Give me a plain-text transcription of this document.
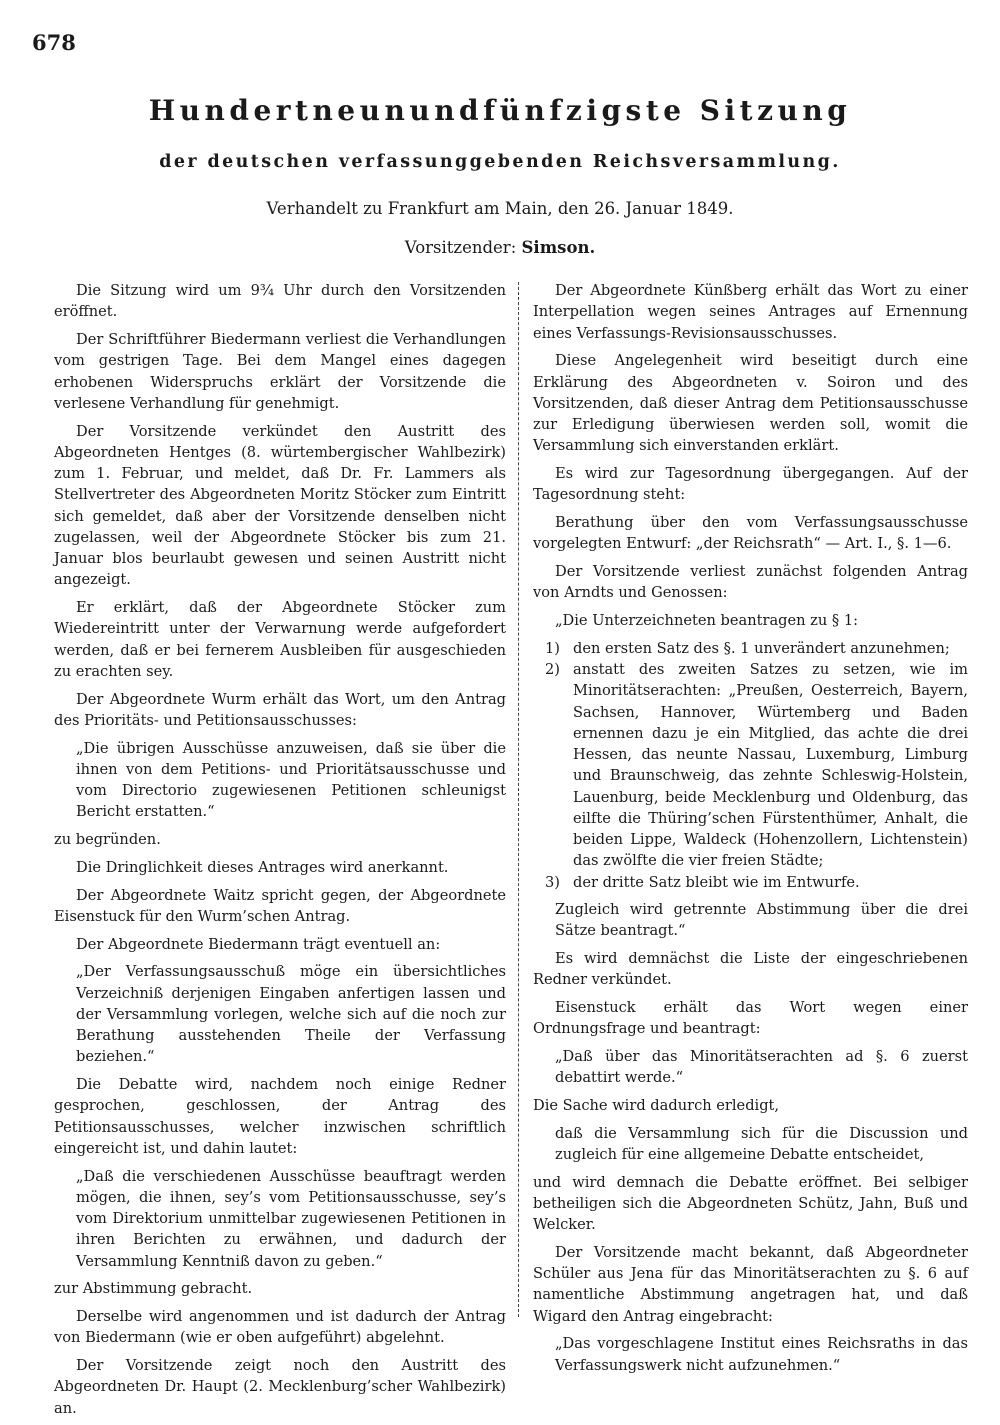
678
Hundertneunundfünfzigste Sitzung
der deutschen verfassunggebenden Reichsversammlung.
Verhandelt zu Frankfurt am Main, den 26. Januar 1849.
Vorsitzender: Simson.

Die Sitzung wird um 9¾ Uhr durch den Vorsitzenden eröffnet.

Der Schriftführer Biedermann verliest die Verhandlungen vom gestrigen Tage. Bei dem Mangel eines dagegen erhobenen Widerspruchs erklärt der Vorsitzende die verlesene Verhandlung für genehmigt.

Der Vorsitzende verkündet den Austritt des Abgeordneten Hentges (8. würtembergischer Wahlbezirk) zum 1. Februar, und meldet, daß Dr. Fr. Lammers als Stellvertreter des Abgeordneten Moritz Stöcker zum Eintritt sich gemeldet, daß aber der Vorsitzende denselben nicht zugelassen, weil der Abgeordnete Stöcker bis zum 21. Januar blos beurlaubt gewesen und seinen Austritt nicht angezeigt.

Er erklärt, daß der Abgeordnete Stöcker zum Wiedereintritt unter der Verwarnung werde aufgefordert werden, daß er bei fernerem Ausbleiben für ausgeschieden zu erachten sey.

Der Abgeordnete Wurm erhält das Wort, um den Antrag des Prioritäts- und Petitionsausschusses:

„Die übrigen Ausschüsse anzuweisen, daß sie über die ihnen von dem Petitions- und Prioritätsausschusse und vom Directorio zugewiesenen Petitionen schleunigst Bericht erstatten.“

zu begründen.

Die Dringlichkeit dieses Antrages wird anerkannt.

Der Abgeordnete Waitz spricht gegen, der Abgeordnete Eisenstuck für den Wurm’schen Antrag.

Der Abgeordnete Biedermann trägt eventuell an:

„Der Verfassungsausschuß möge ein übersichtliches Verzeichniß derjenigen Eingaben anfertigen lassen und der Versammlung vorlegen, welche sich auf die noch zur Berathung ausstehenden Theile der Verfassung beziehen.“

Die Debatte wird, nachdem noch einige Redner gesprochen, geschlossen, der Antrag des Petitionsausschusses, welcher inzwischen schriftlich eingereicht ist, und dahin lautet:

„Daß die verschiedenen Ausschüsse beauftragt werden mögen, die ihnen, sey’s vom Petitionsausschusse, sey’s vom Direktorium unmittelbar zugewiesenen Petitionen in ihren Berichten zu erwähnen, und dadurch der Versammlung Kenntniß davon zu geben.“

zur Abstimmung gebracht.

Derselbe wird angenommen und ist dadurch der Antrag von Biedermann (wie er oben aufgeführt) abgelehnt.

Der Vorsitzende zeigt noch den Austritt des Abgeordneten Dr. Haupt (2. Mecklenburg’scher Wahlbezirk) an.

Der Abgeordnete Künßberg erhält das Wort zu einer Interpellation wegen seines Antrages auf Ernennung eines Verfassungs-Revisionsausschusses.

Diese Angelegenheit wird beseitigt durch eine Erklärung des Abgeordneten v. Soiron und des Vorsitzenden, daß dieser Antrag dem Petitionsausschusse zur Erledigung überwiesen werden soll, womit die Versammlung sich einverstanden erklärt.

Es wird zur Tagesordnung übergegangen. Auf der Tagesordnung steht:

Berathung über den vom Verfassungsausschusse vorgelegten Entwurf: „der Reichsrath“ — Art. I., §. 1—6.

Der Vorsitzende verliest zunächst folgenden Antrag von Arndts und Genossen:

„Die Unterzeichneten beantragen zu § 1:

1) den ersten Satz des §. 1 unverändert anzunehmen;
2) anstatt des zweiten Satzes zu setzen, wie im Minoritätserachten: „Preußen, Oesterreich, Bayern, Sachsen, Hannover, Würtemberg und Baden ernennen dazu je ein Mitglied, das achte die drei Hessen, das neunte Nassau, Luxemburg, Limburg und Braunschweig, das zehnte Schleswig-Holstein, Lauenburg, beide Mecklenburg und Oldenburg, das eilfte die Thüring’schen Fürstenthümer, Anhalt, die beiden Lippe, Waldeck (Hohenzollern, Lichtenstein) das zwölfte die vier freien Städte;
3) der dritte Satz bleibt wie im Entwurfe.

Zugleich wird getrennte Abstimmung über die drei Sätze beantragt.“

Es wird demnächst die Liste der eingeschriebenen Redner verkündet.

Eisenstuck erhält das Wort wegen einer Ordnungsfrage und beantragt:

„Daß über das Minoritätserachten ad §. 6 zuerst debattirt werde.“

Die Sache wird dadurch erledigt,

daß die Versammlung sich für die Discussion und zugleich für eine allgemeine Debatte entscheidet,

und wird demnach die Debatte eröffnet. Bei selbiger betheiligen sich die Abgeordneten Schütz, Jahn, Buß und Welcker.

Der Vorsitzende macht bekannt, daß Abgeordneter Schüler aus Jena für das Minoritätserachten zu §. 6 auf namentliche Abstimmung angetragen hat, und daß Wigard den Antrag eingebracht:

„Das vorgeschlagene Institut eines Reichsraths in das Verfassungswerk nicht aufzunehmen.“
